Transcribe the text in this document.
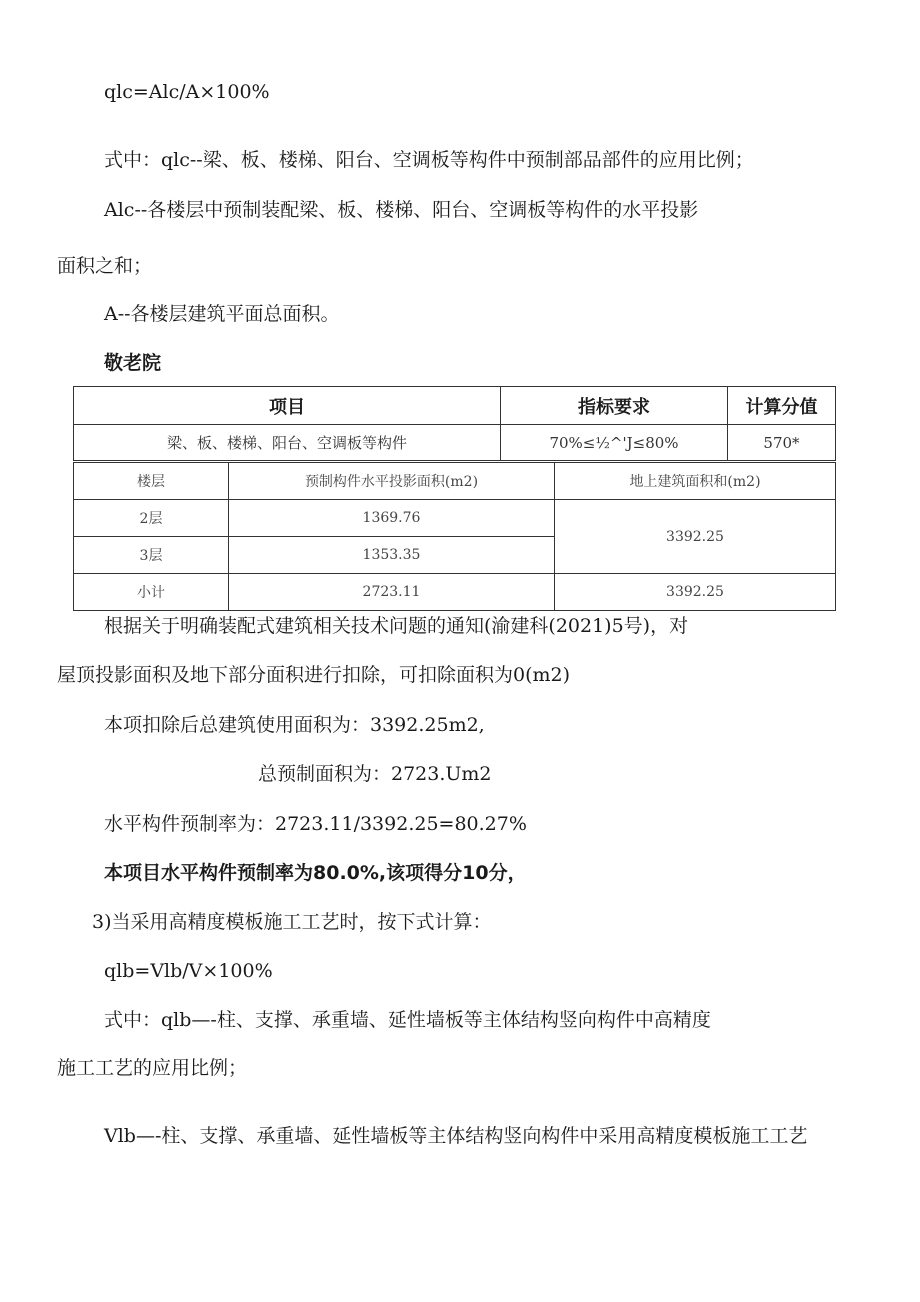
qlc=Alc∕A×100%
式中：qlc--梁、板、楼梯、阳台、空调板等构件中预制部品部件的应用比例；
Alc--各楼层中预制装配梁、板、楼梯、阳台、空调板等构件的水平投影
面积之和；
A--各楼层建筑平面总面积。
敬老院
项目	指标要求	计算分值
梁、板、楼梯、阳台、空调板等构件	70%≤½^'J≤80%	570*
楼层	预制构件水平投影面积(m2)	地上建筑面积和(m2)
2层	1369.76	3392.25
3层	1353.35	
小计	2723.11	3392.25
根据关于明确装配式建筑相关技术问题的通知(渝建科(2021)5号)，对
屋顶投影面积及地下部分面积进行扣除，可扣除面积为0(m2)
本项扣除后总建筑使用面积为：3392.25m2,
总预制面积为：2723.Um2
水平构件预制率为：2723.11/3392.25=80.27%
本项目水平构件预制率为80.0%,该项得分10分，
3)当采用高精度模板施工工艺时，按下式计算：
qlb=Vlb∕V×100%
式中：qlb—-柱、支撑、承重墙、延性墙板等主体结构竖向构件中高精度
施工工艺的应用比例；
Vlb—-柱、支撑、承重墙、延性墙板等主体结构竖向构件中采用高精度模板施工工艺
